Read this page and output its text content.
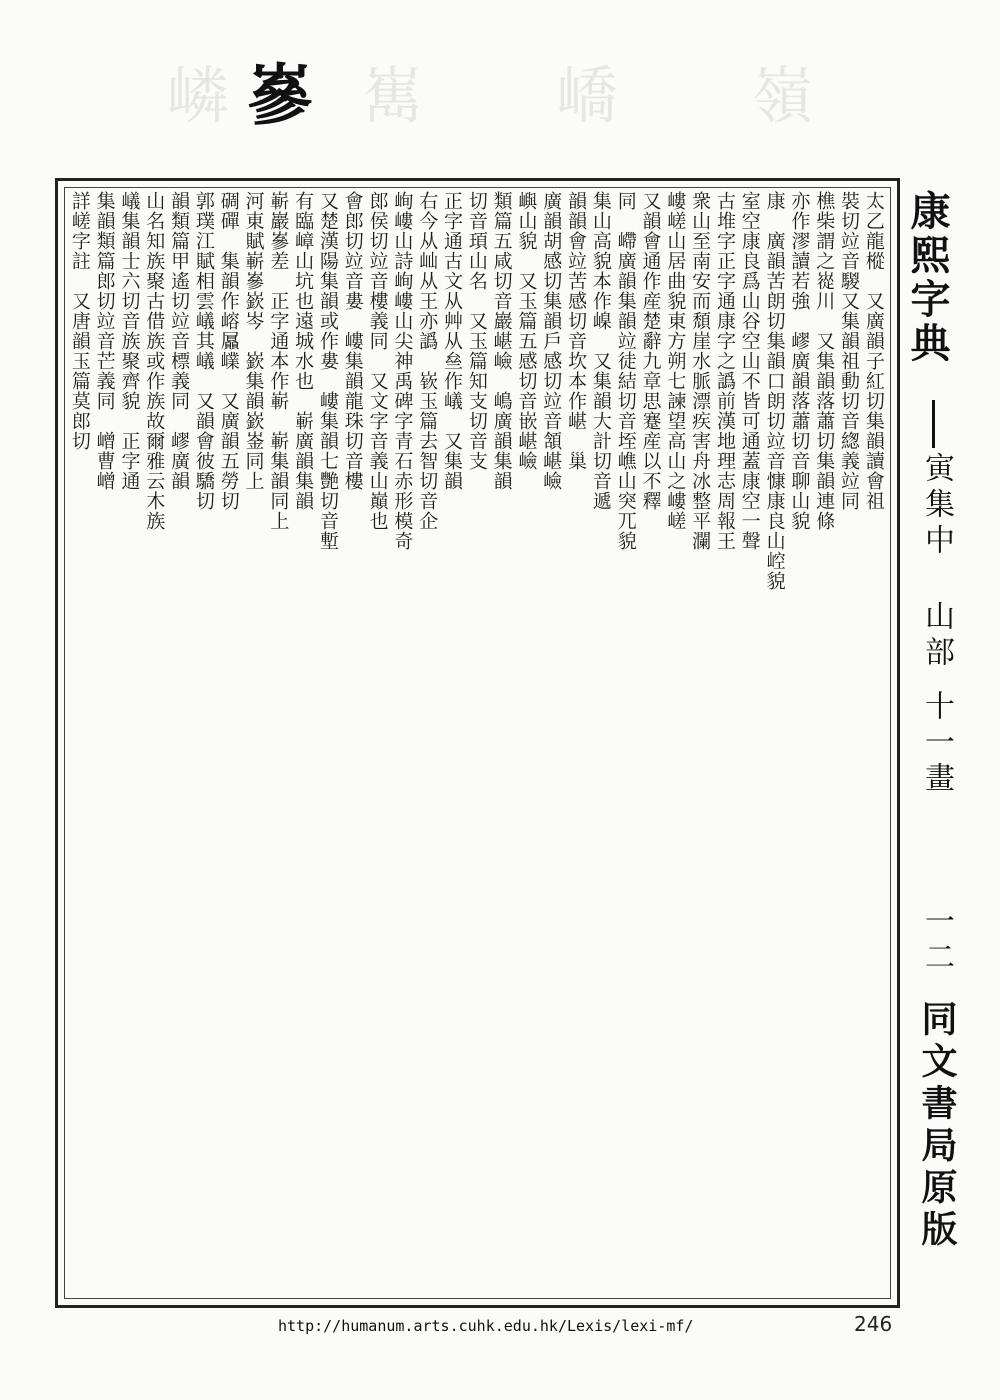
嶙 嶲 嶠 嶺
嵾
康熙字典
寅集中
山部
十一畫
一二
同文書局原版
太乙龍樅　又廣韻子紅切集韻讀會祖
裝切竝音騣又集韻祖動切音緫義竝同
樵柴謂之嵸川　又集韻落蕭切集韻連條
亦作漻讀若強　嵺廣韻落蕭切音聊山貌
康　廣韻苦朗切集韻口朗切竝音慷康良山崆貌
室空康良爲山谷空山不皆可通蓋康空一聲
古堆字正字通康字之譌前漢地理志周報王
衆山至南安而頹崖水脈漂疾害舟冰整平瀾
嶁嵯山居曲貌東方朔七諫望高山之嶁嵯
又韻會通作産楚辭九章思蹇産以不釋
同　嵽廣韻集韻竝徒結切音垤嶕山突兀貌
集山高貌本作嵲　又集韻大計切音遞
韻韻會竝苦感切音坎本作嵁　巢
廣韻胡感切集韻戶感切竝音頷嵁嶮
嶼山貌　又玉篇五感切音嵌嵁嶮
類篇五咸切音巖嵁嶮　嶋廣韻集韻
切音頊山名　又玉篇知支切音支
正字通古文从艸从亝作嶬　又集韻
右今从屾从王亦譌　嵚玉篇去智切音企
峋嶁山詩峋嶁山尖神禹碑字青石赤形模奇
郎侯切竝音樓義同　又文字音義山巔也
會郎切竝音婁　嶁集韻龍珠切音樓
又楚漢陽集韻或作婁　嶁集韻七艷切音塹
有臨嶂山坑也遠城水也　嶄廣韻集韻
嶄巖嵾差　正字通本作嶄　嶄集韻同上
河東賦嶄嵾嶔岑　嶔集韻嶔崟同上
碉磾　集韻作嵱屭嶫　又廣韻五勞切
郭璞江賦相雲嶬其嶬　又韻會彼驕切
韻類篇甲遙切竝音標義同　嵺廣韻
山名知族聚古借族或作族故爾雅云木族
嶬集韻士六切音族聚齊貌　正字通
集韻類篇郎切竝音芒義同　嶒曹嶒
詳嵯字註　又唐韻玉篇莫郎切
http://humanum.arts.cuhk.edu.hk/Lexis/lexi-mf/	246
